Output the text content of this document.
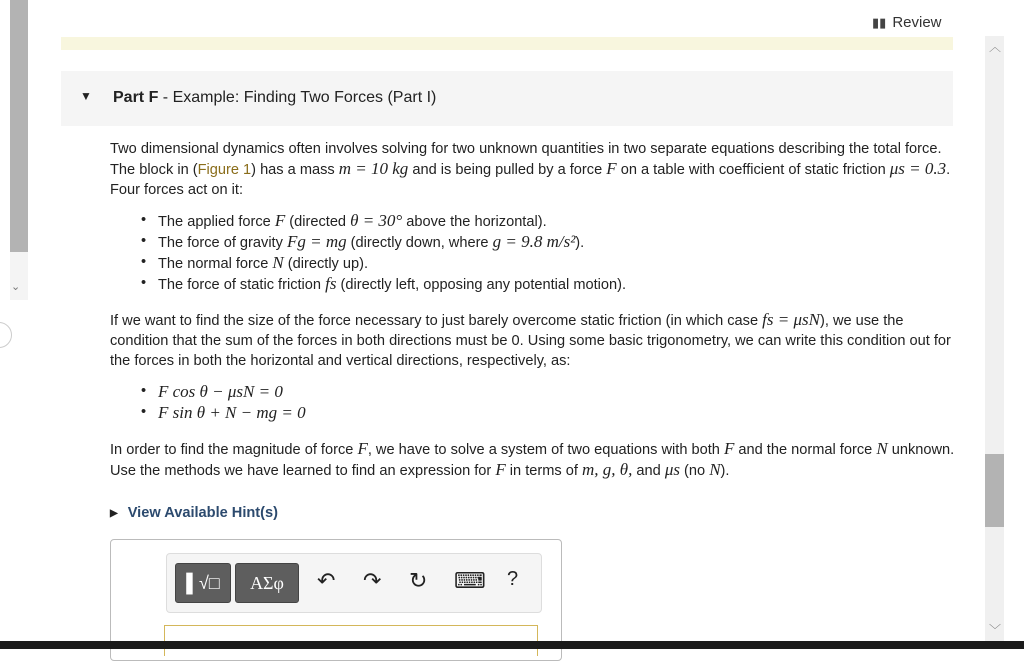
⌄
▮▮ Review
▼ Part F - Example: Finding Two Forces (Part I)

Two dimensional dynamics often involves solving for two unknown quantities in two separate equations describing the total force. The block in (Figure 1) has a mass m = 10 kg and is being pulled by a force F on a table with coefficient of static friction μs = 0.3. Four forces act on it:

• The applied force F (directed θ = 30° above the horizontal).
• The force of gravity Fg = mg (directly down, where g = 9.8 m/s²).
• The normal force N (directly up).
• The force of static friction fs (directly left, opposing any potential motion).

If we want to find the size of the force necessary to just barely overcome static friction (in which case fs = μsN), we use the condition that the sum of the forces in both directions must be 0. Using some basic trigonometry, we can write this condition out for the forces in both the horizontal and vertical directions, respectively, as:

• F cos θ − μsN = 0
• F sin θ + N − mg = 0

In order to find the magnitude of force F, we have to solve a system of two equations with both F and the normal force N unknown. Use the methods we have learned to find an expression for F in terms of m, g, θ, and μs (no N).

▶ View Available Hint(s)
▌√□	ΑΣφ	↶ ↷ ↻ ⌨ ?
︿
﹀
